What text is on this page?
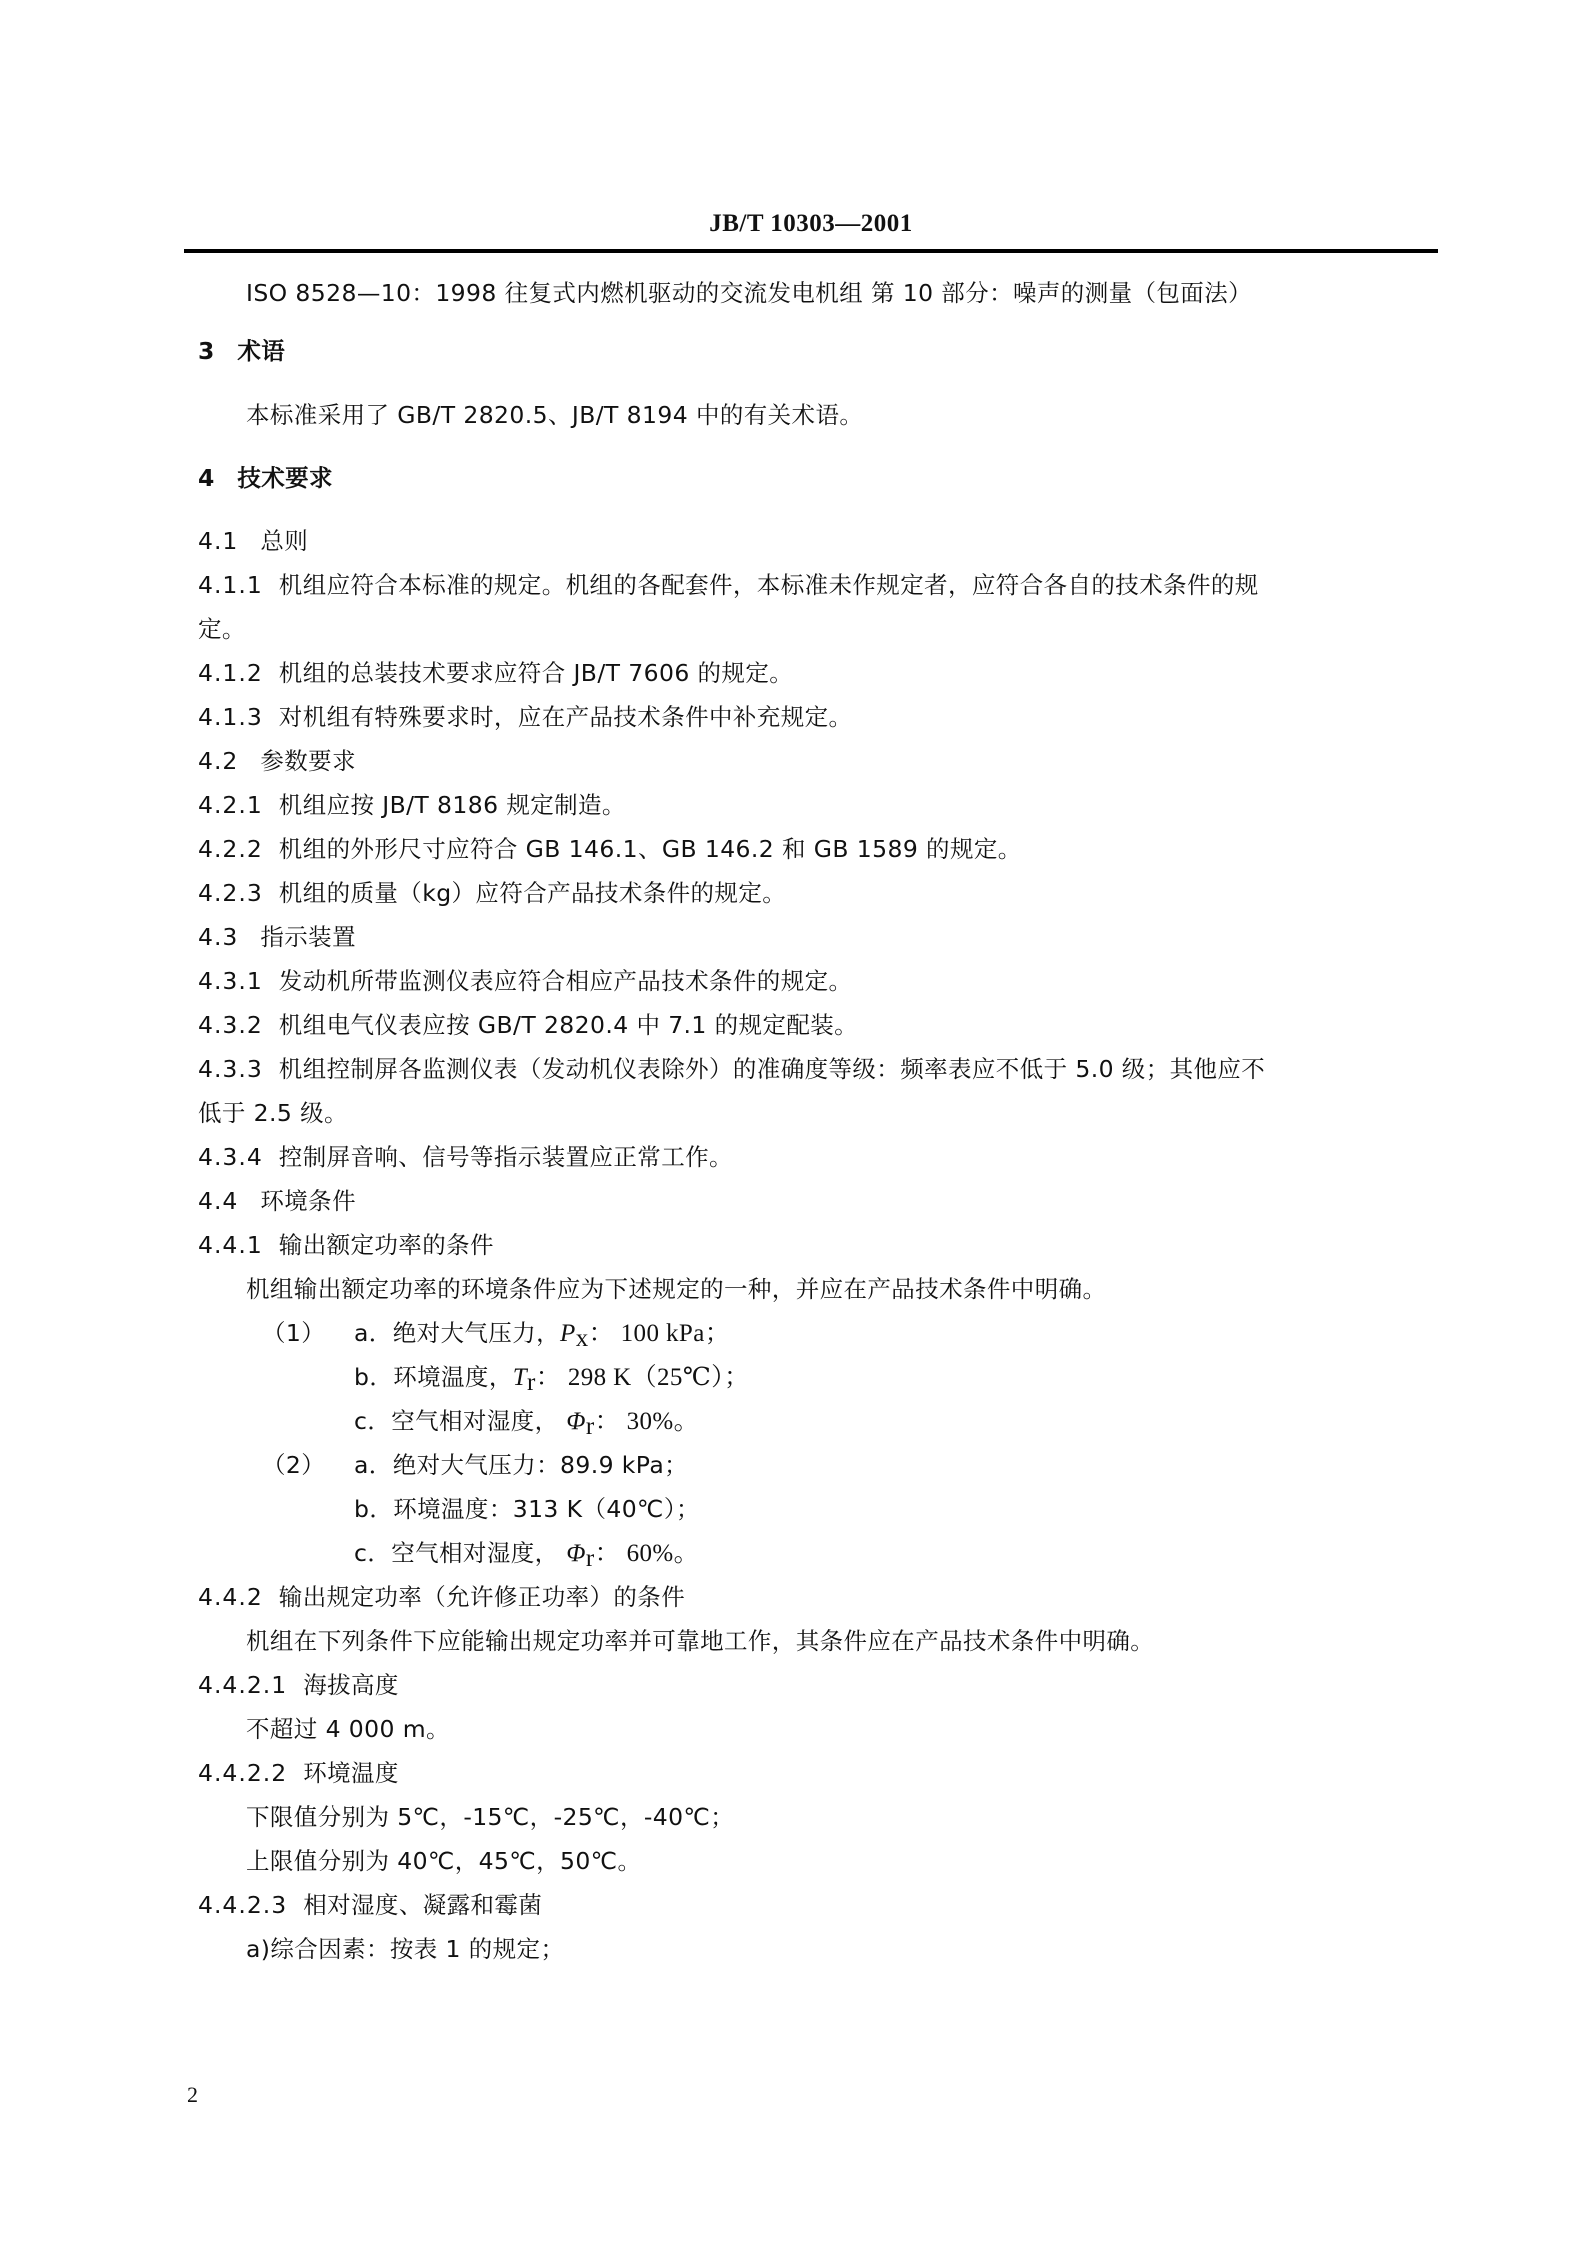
JB/T 10303—2001
ISO 8528—10：1998 往复式内燃机驱动的交流发电机组 第 10 部分：噪声的测量（包面法）
3 术语
本标准采用了 GB/T 2820.5、JB/T 8194 中的有关术语。
4 技术要求
4.1 总则
4.1.1 机组应符合本标准的规定。机组的各配套件，本标准未作规定者，应符合各自的技术条件的规
定。
4.1.2 机组的总装技术要求应符合 JB/T 7606 的规定。
4.1.3 对机组有特殊要求时，应在产品技术条件中补充规定。
4.2 参数要求
4.2.1 机组应按 JB/T 8186 规定制造。
4.2.2 机组的外形尺寸应符合 GB 146.1、GB 146.2 和 GB 1589 的规定。
4.2.3 机组的质量（kg）应符合产品技术条件的规定。
4.3 指示装置
4.3.1 发动机所带监测仪表应符合相应产品技术条件的规定。
4.3.2 机组电气仪表应按 GB/T 2820.4 中 7.1 的规定配装。
4.3.3 机组控制屏各监测仪表（发动机仪表除外）的准确度等级：频率表应不低于 5.0 级；其他应不
低于 2.5 级。
4.3.4 控制屏音响、信号等指示装置应正常工作。
4.4 环境条件
4.4.1 输出额定功率的条件
机组输出额定功率的环境条件应为下述规定的一种，并应在产品技术条件中明确。
（1） a．绝对大气压力，$P_x$： 100 kPa；
b．环境温度，$T_r$： 298 K（25℃）；
c．空气相对湿度， $\Phi_r$： 30%。
（2） a．绝对大气压力：89.9 kPa；
b．环境温度：313 K（40℃）；
c．空气相对湿度， $\Phi_r$： 60%。
4.4.2 输出规定功率（允许修正功率）的条件
机组在下列条件下应能输出规定功率并可靠地工作，其条件应在产品技术条件中明确。
4.4.2.1 海拔高度
不超过 4 000 m。
4.4.2.2 环境温度
下限值分别为 5℃，-15℃，-25℃，-40℃；
上限值分别为 40℃，45℃，50℃。
4.4.2.3 相对湿度、凝露和霉菌
a)综合因素：按表 1 的规定；
2
